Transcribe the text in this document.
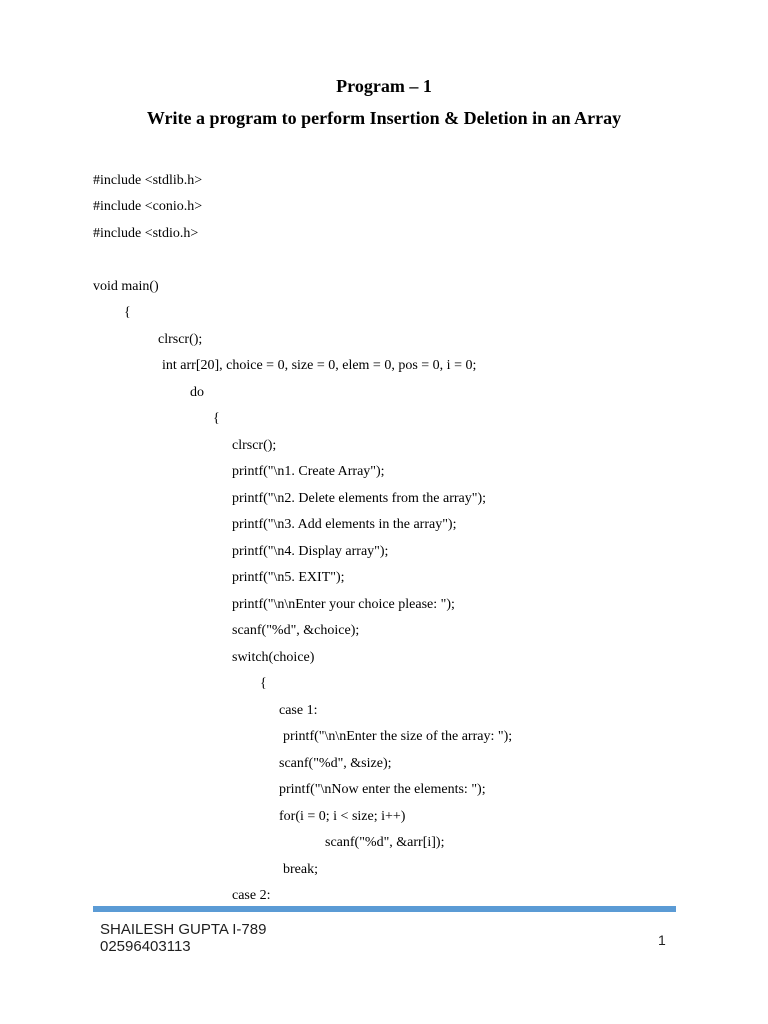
Program – 1
Write a program to perform Insertion & Deletion in an Array
#include <stdlib.h>
#include <conio.h>
#include <stdio.h>
void main()
{
clrscr();
int arr[20], choice = 0, size = 0, elem = 0, pos = 0, i = 0;
do
{
clrscr();
printf("\n1. Create Array");
printf("\n2. Delete elements from the array");
printf("\n3. Add elements in the array");
printf("\n4. Display array");
printf("\n5. EXIT");
printf("\n\nEnter your choice please: ");
scanf("%d", &choice);
switch(choice)
{
case 1:
printf("\n\nEnter the size of the array: ");
scanf("%d", &size);
printf("\nNow enter the elements: ");
for(i = 0; i < size; i++)
scanf("%d", &arr[i]);
break;
case 2:
SHAILESH GUPTA I-789
02596403113	1
